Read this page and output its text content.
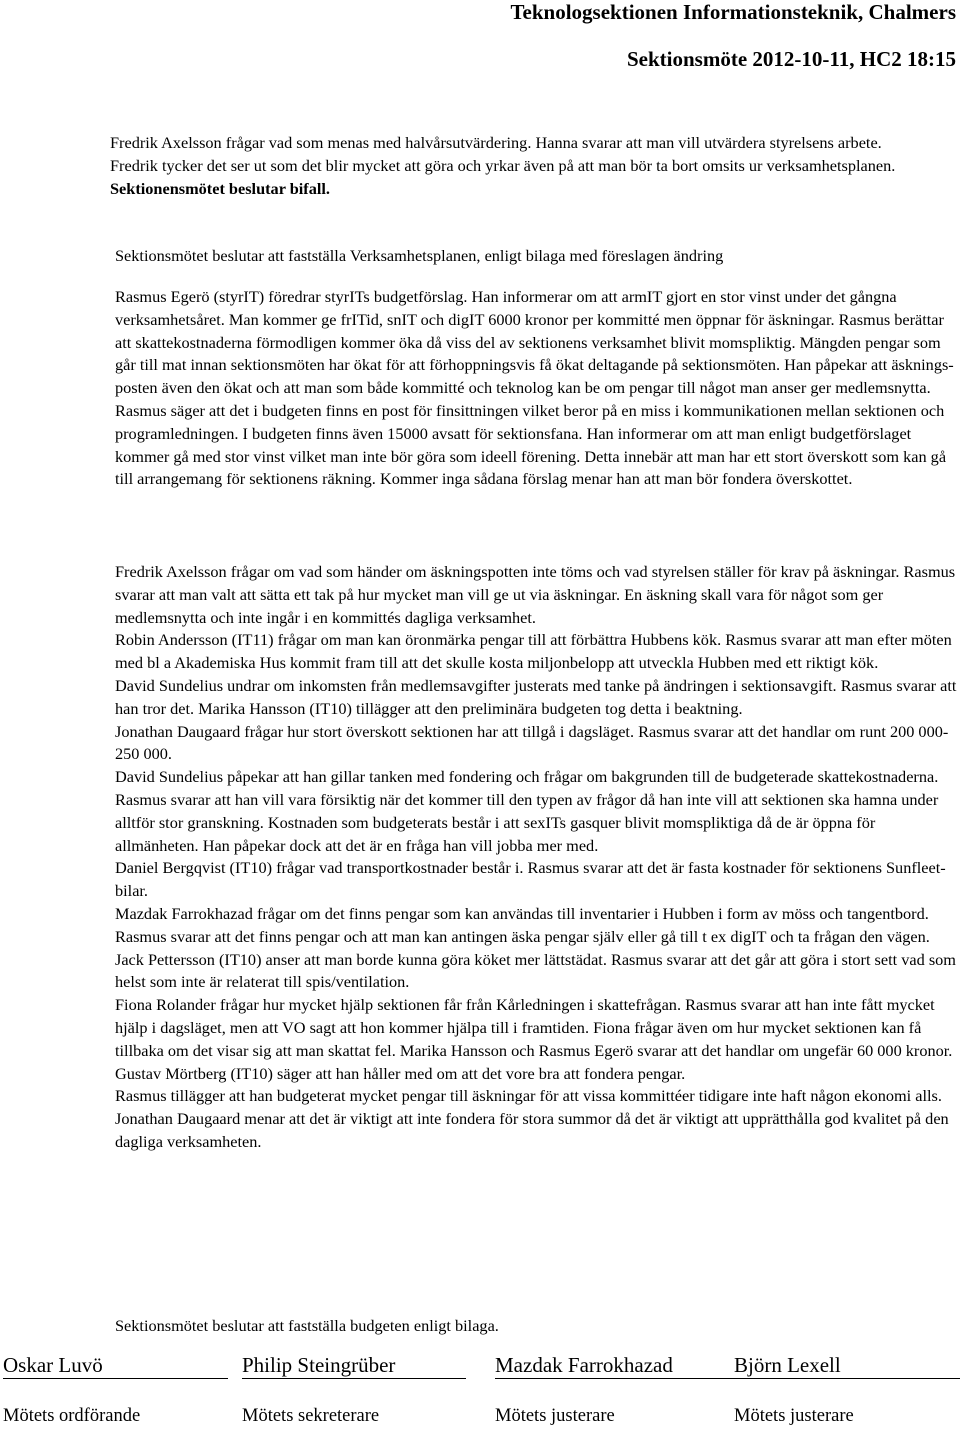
Teknologsektionen Informationsteknik, Chalmers
Sektionsmöte 2012-10-11, HC2 18:15

Fredrik Axelsson frågar vad som menas med halvårsutvärdering. Hanna svarar att man vill utvärdera styrelsens arbete. Fredrik tycker det ser ut som det blir mycket att göra och yrkar även på att man bör ta bort omsits ur verksamhetsplanen. Sektionensmötet beslutar bifall.

Sektionsmötet beslutar att fastställa Verksamhetsplanen, enligt bilaga med föreslagen ändring

Rasmus Egerö (styrIT) föredrar styrITs budgetförslag. Han informerar om att armIT gjort en stor vinst under det gångna verksamhetsåret. Man kommer ge frITid, snIT och digIT 6000 kronor per kommitté men öppnar för äskningar. Rasmus berättar att skattekostnaderna förmodligen kommer öka då viss del av sektionens verksamhet blivit momspliktig. Mängden pengar som går till mat innan sektionsmöten har ökat för att förhoppningsvis få ökat deltagande på sektionsmöten. Han påpekar att äsknings-posten även den ökat och att man som både kommitté och teknolog kan be om pengar till något man anser ger medlemsnytta. Rasmus säger att det i budgeten finns en post för finsittningen vilket beror på en miss i kommunikationen mellan sektionen och programledningen. I budgeten finns även 15000 avsatt för sektionsfana. Han informerar om att man enligt budgetförslaget kommer gå med stor vinst vilket man inte bör göra som ideell förening. Detta innebär att man har ett stort överskott som kan gå till arrangemang för sektionens räkning. Kommer inga sådana förslag menar han att man bör fondera överskottet.

Fredrik Axelsson frågar om vad som händer om äskningspotten inte töms och vad styrelsen ställer för krav på äskningar. Rasmus svarar att man valt att sätta ett tak på hur mycket man vill ge ut via äskningar. En äskning skall vara för något som ger medlemsnytta och inte ingår i en kommittés dagliga verksamhet.
Robin Andersson (IT11) frågar om man kan öronmärka pengar till att förbättra Hubbens kök. Rasmus svarar att man efter möten med bl a Akademiska Hus kommit fram till att det skulle kosta miljonbelopp att utveckla Hubben med ett riktigt kök.
David Sundelius undrar om inkomsten från medlemsavgifter justerats med tanke på ändringen i sektionsavgift. Rasmus svarar att han tror det. Marika Hansson (IT10) tillägger att den preliminära budgeten tog detta i beaktning.
Jonathan Daugaard frågar hur stort överskott sektionen har att tillgå i dagsläget. Rasmus svarar att det handlar om runt 200 000-250 000.
David Sundelius påpekar att han gillar tanken med fondering och frågar om bakgrunden till de budgeterade skattekostnaderna. Rasmus svarar att han vill vara försiktig när det kommer till den typen av frågor då han inte vill att sektionen ska hamna under alltför stor granskning. Kostnaden som budgeterats består i att sexITs gasquer blivit momspliktiga då de är öppna för allmänheten. Han påpekar dock att det är en fråga han vill jobba mer med.
Daniel Bergqvist (IT10) frågar vad transportkostnader består i. Rasmus svarar att det är fasta kostnader för sektionens Sunfleet-bilar.
Mazdak Farrokhazad frågar om det finns pengar som kan användas till inventarier i Hubben i form av möss och tangentbord. Rasmus svarar att det finns pengar och att man kan antingen äska pengar själv eller gå till t ex digIT och ta frågan den vägen.
Jack Pettersson (IT10) anser att man borde kunna göra köket mer lättstädat. Rasmus svarar att det går att göra i stort sett vad som helst som inte är relaterat till spis/ventilation.
Fiona Rolander frågar hur mycket hjälp sektionen får från Kårledningen i skattefrågan. Rasmus svarar att han inte fått mycket hjälp i dagsläget, men att VO sagt att hon kommer hjälpa till i framtiden. Fiona frågar även om hur mycket sektionen kan få tillbaka om det visar sig att man skattat fel. Marika Hansson och Rasmus Egerö svarar att det handlar om ungefär 60 000 kronor.
Gustav Mörtberg (IT10) säger att han håller med om att det vore bra att fondera pengar.
Rasmus tillägger att han budgeterat mycket pengar till äskningar för att vissa kommittéer tidigare inte haft någon ekonomi alls.
Jonathan Daugaard menar att det är viktigt att inte fondera för stora summor då det är viktigt att upprätthålla god kvalitet på den dagliga verksamheten.

Sektionsmötet beslutar att fastställa budgeten enligt bilaga.

Oskar Luvö	Philip Steingrüber	Mazdak Farrokhazad	Björn Lexell
Mötets ordförande	Mötets sekreterare	Mötets justerare	Mötets justerare
